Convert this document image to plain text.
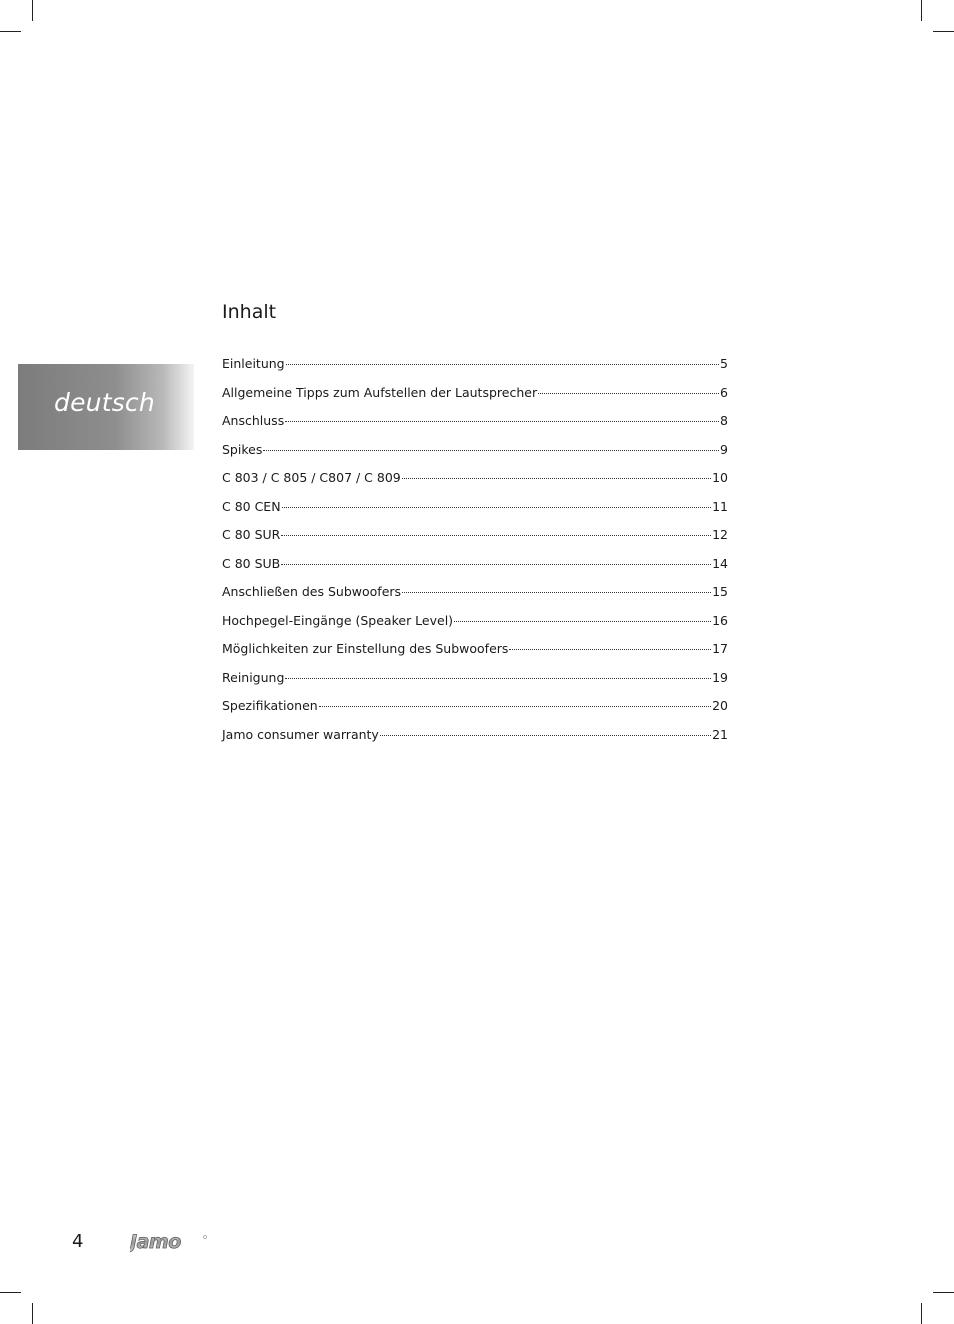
deutsch
Inhalt
Einleitung	5
Allgemeine Tipps zum Aufstellen der Lautsprecher	6
Anschluss	8
Spikes	9
C 803 / C 805 / C807 / C 809	10
C 80 CEN	11
C 80 SUR	12
C 80 SUB	14
Anschließen des Subwoofers	15
Hochpegel-Eingänge (Speaker Level)	16
Möglichkeiten zur Einstellung des Subwoofers	17
Reinigung	19
Spezifikationen	20
Jamo consumer warranty	21
4 Jamo
